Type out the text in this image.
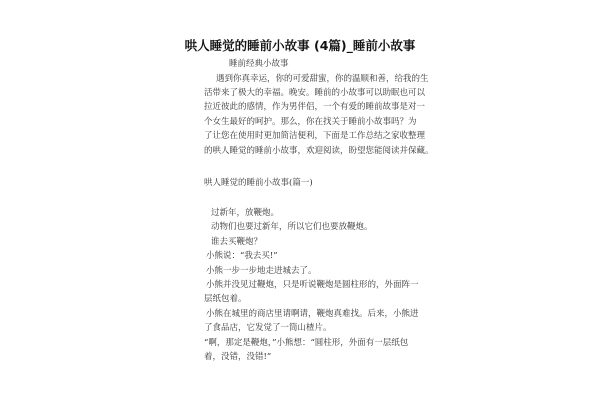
哄人睡觉的睡前小故事 (4篇)_睡前小故事
睡前经典小故事
遇到你真幸运，你的可爱甜蜜，你的温顺和善，给我的生
活带来了极大的幸福。晚安。睡前的小故事可以助眠也可以
拉近彼此的感情，作为男伴侣，一个有爱的睡前故事是对一
个女生最好的呵护。那么，你在找关于睡前小故事吗？为
了让您在使用时更加简洁便利，下面是工作总结之家收整理
的哄人睡觉的睡前小故事，欢迎阅读，盼望您能阅读并保藏。
哄人睡觉的睡前小故事(篇一)
过新年，放鞭炮。
动物们也要过新年，所以它们也要放鞭炮。
谁去买鞭炮？
小熊说：“我去买!”
小熊一步一步地走进城去了。
小熊并没见过鞭炮，只是听说鞭炮是圆柱形的，外面阵一
层纸包着。
小熊在城里的商店里请啊请，鞭炮真难找。后来，小熊进
了食品店，它发觉了一筒山楂片。
“啊，那定是鞭炮，”小熊想：“圆柱形，外面有一层纸包
着，没错，没错!”
